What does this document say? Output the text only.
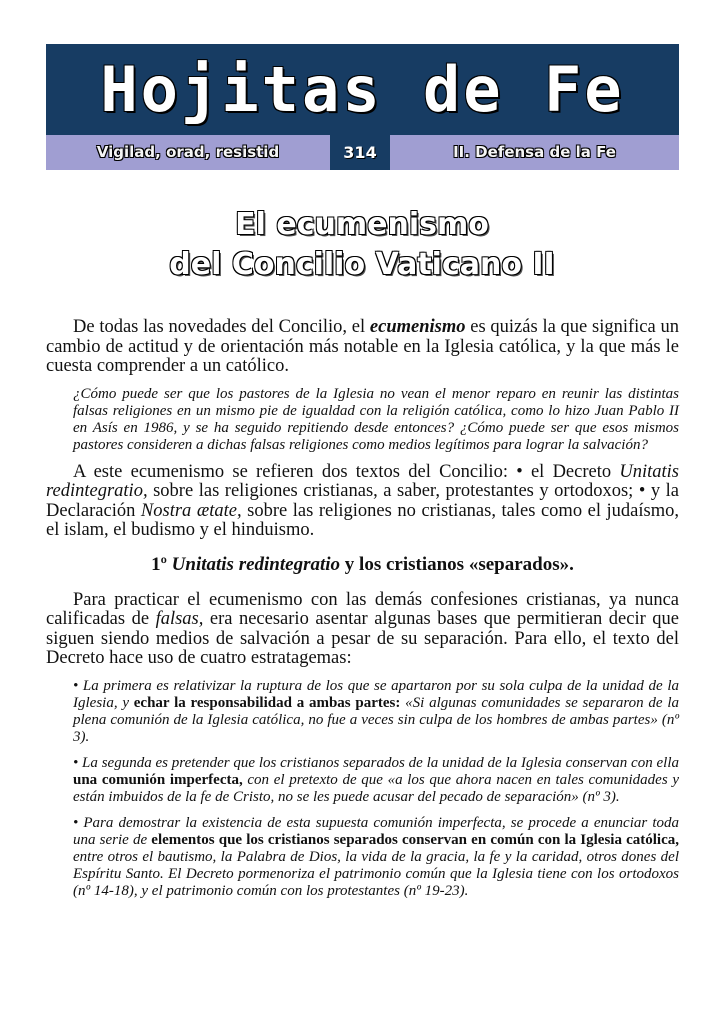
Hojitas de Fe
Vigilad, orad, resistid	314	II. Defensa de la Fe
El ecumenismo
del Concilio Vaticano II

De todas las novedades del Concilio, el ecumenismo es quizás la que significa un cambio de actitud y de orientación más notable en la Iglesia católica, y la que más le cuesta comprender a un católico.

¿Cómo puede ser que los pastores de la Iglesia no vean el menor reparo en reunir las distintas falsas religiones en un mismo pie de igualdad con la religión católica, como lo hizo Juan Pablo II en Asís en 1986, y se ha seguido repitiendo desde entonces? ¿Cómo puede ser que esos mismos pastores consideren a dichas falsas religiones como medios legítimos para lograr la salvación?

A este ecumenismo se refieren dos textos del Concilio: • el Decreto Unitatis redintegratio, sobre las religiones cristianas, a saber, protestantes y ortodoxos; • y la Declaración Nostra ætate, sobre las religiones no cristianas, tales como el judaísmo, el islam, el budismo y el hinduismo.

1º Unitatis redintegratio y los cristianos «separados».

Para practicar el ecumenismo con las demás confesiones cristianas, ya nunca calificadas de falsas, era necesario asentar algunas bases que permitieran decir que siguen siendo medios de salvación a pesar de su separación. Para ello, el texto del Decreto hace uso de cuatro estratagemas:

• La primera es relativizar la ruptura de los que se apartaron por su sola culpa de la unidad de la Iglesia, y echar la responsabilidad a ambas partes: «Si algunas comunidades se separaron de la plena comunión de la Iglesia católica, no fue a veces sin culpa de los hombres de ambas partes» (nº 3).

• La segunda es pretender que los cristianos separados de la unidad de la Iglesia conservan con ella una comunión imperfecta, con el pretexto de que «a los que ahora nacen en tales comunidades y están imbuidos de la fe de Cristo, no se les puede acusar del pecado de separación» (nº 3).

• Para demostrar la existencia de esta supuesta comunión imperfecta, se procede a enunciar toda una serie de elementos que los cristianos separados conservan en común con la Iglesia católica, entre otros el bautismo, la Palabra de Dios, la vida de la gracia, la fe y la caridad, otros dones del Espíritu Santo. El Decreto pormenoriza el patrimonio común que la Iglesia tiene con los ortodoxos (nº 14-18), y el patrimonio común con los protestantes (nº 19-23).
